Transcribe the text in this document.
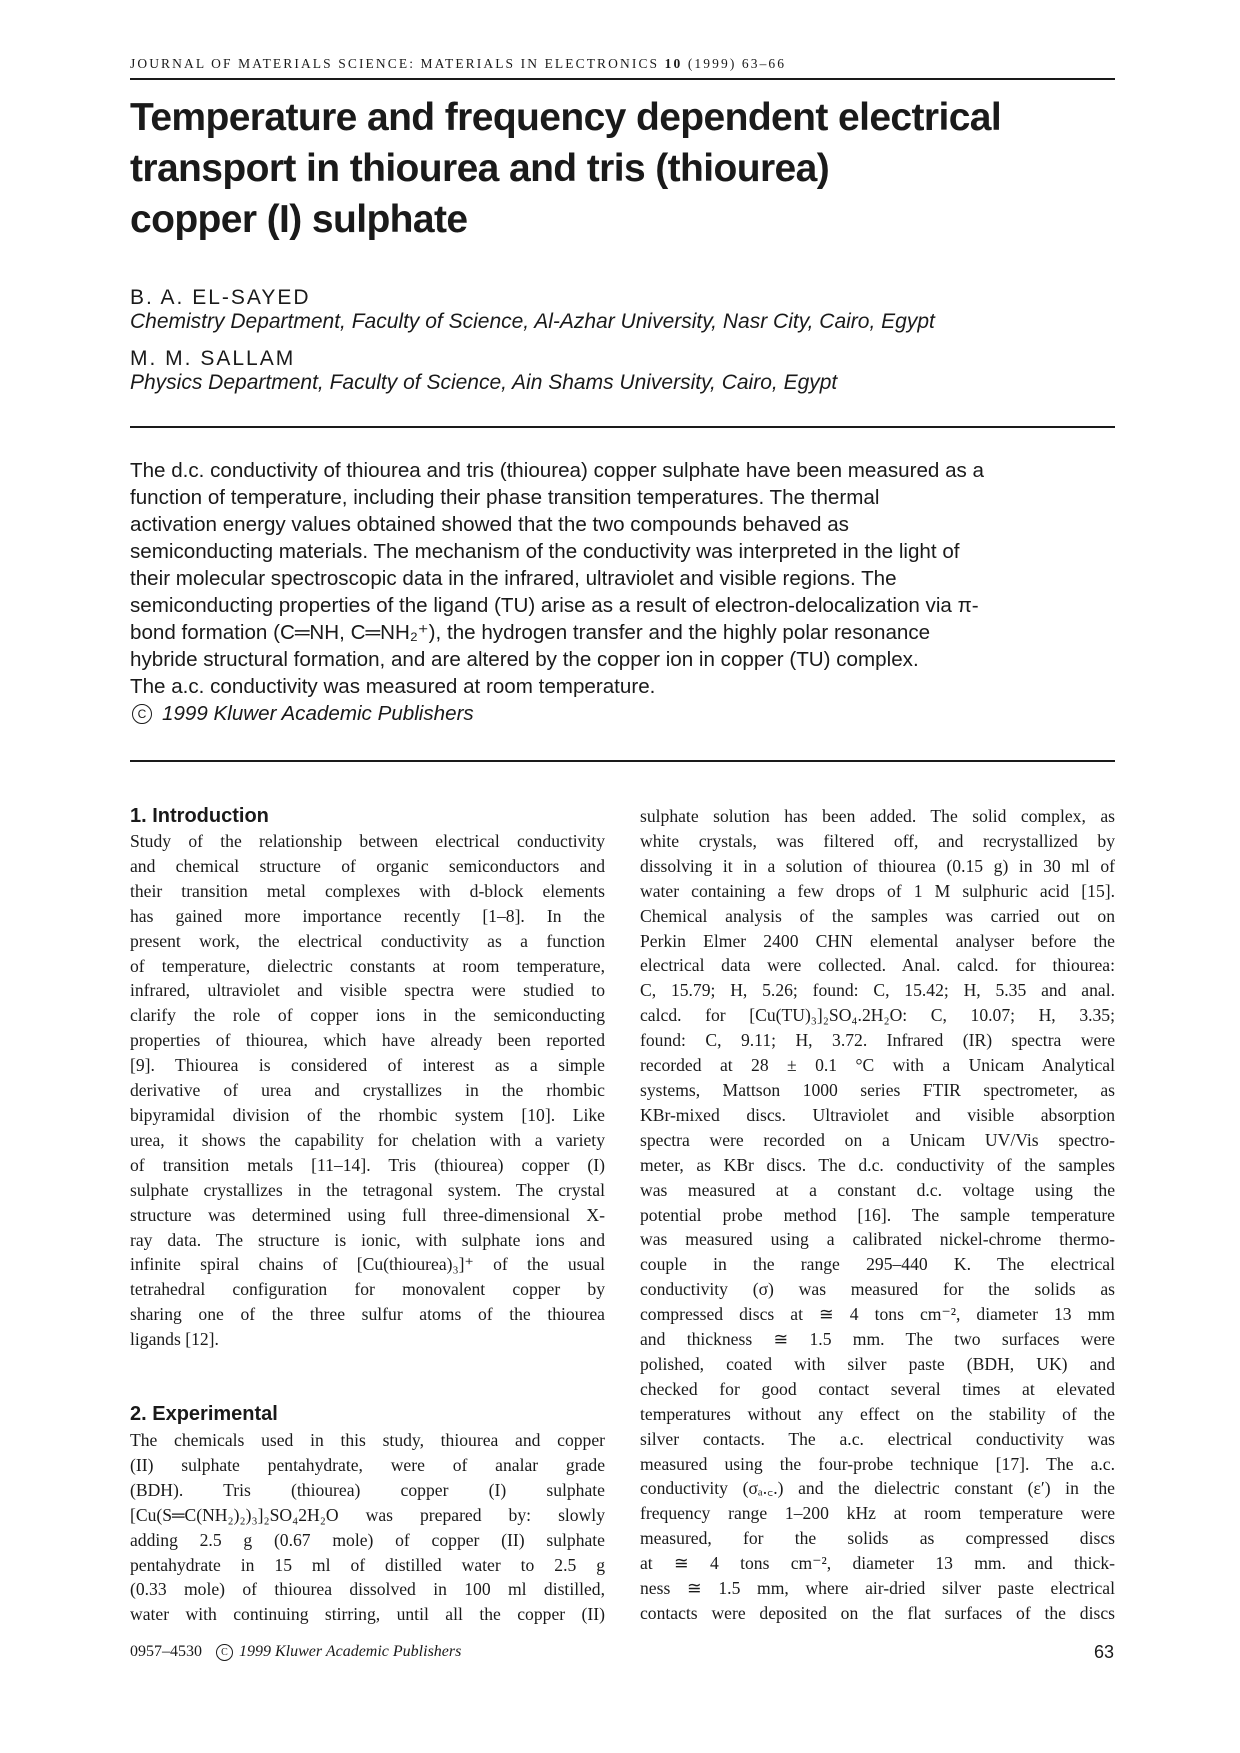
JOURNAL OF MATERIALS SCIENCE: MATERIALS IN ELECTRONICS 10 (1999) 63–66
Temperature and frequency dependent electrical
transport in thiourea and tris (thiourea)
copper (I) sulphate
B. A. EL-SAYED
Chemistry Department, Faculty of Science, Al-Azhar University, Nasr City, Cairo, Egypt
M. M. SALLAM
Physics Department, Faculty of Science, Ain Shams University, Cairo, Egypt
The d.c. conductivity of thiourea and tris (thiourea) copper sulphate have been measured as a
function of temperature, including their phase transition temperatures. The thermal
activation energy values obtained showed that the two compounds behaved as
semiconducting materials. The mechanism of the conductivity was interpreted in the light of
their molecular spectroscopic data in the infrared, ultraviolet and visible regions. The
semiconducting properties of the ligand (TU) arise as a result of electron-delocalization via π-
bond formation (C═NH, C═NH₂⁺), the hydrogen transfer and the highly polar resonance
hybride structural formation, and are altered by the copper ion in copper (TU) complex.
The a.c. conductivity was measured at room temperature.
C 1999 Kluwer Academic Publishers
1. Introduction
Study of the relationship between electrical conductivity
and chemical structure of organic semiconductors and
their transition metal complexes with d-block elements
has gained more importance recently [1–8]. In the
present work, the electrical conductivity as a function
of temperature, dielectric constants at room temperature,
infrared, ultraviolet and visible spectra were studied to
clarify the role of copper ions in the semiconducting
properties of thiourea, which have already been reported
[9]. Thiourea is considered of interest as a simple
derivative of urea and crystallizes in the rhombic
bipyramidal division of the rhombic system [10]. Like
urea, it shows the capability for chelation with a variety
of transition metals [11–14]. Tris (thiourea) copper (I)
sulphate crystallizes in the tetragonal system. The crystal
structure was determined using full three-dimensional X-
ray data. The structure is ionic, with sulphate ions and
infinite spiral chains of [Cu(thiourea)₃]⁺ of the usual
tetrahedral configuration for monovalent copper by
sharing one of the three sulfur atoms of the thiourea
ligands [12].
2. Experimental
The chemicals used in this study, thiourea and copper
(II) sulphate pentahydrate, were of analar grade
(BDH). Tris (thiourea) copper (I) sulphate
[Cu(S═C(NH₂)₂)₃]₂SO₄2H₂O was prepared by: slowly
adding 2.5 g (0.67 mole) of copper (II) sulphate
pentahydrate in 15 ml of distilled water to 2.5 g
(0.33 mole) of thiourea dissolved in 100 ml distilled,
water with continuing stirring, until all the copper (II)
sulphate solution has been added. The solid complex, as
white crystals, was filtered off, and recrystallized by
dissolving it in a solution of thiourea (0.15 g) in 30 ml of
water containing a few drops of 1 M sulphuric acid [15].
Chemical analysis of the samples was carried out on
Perkin Elmer 2400 CHN elemental analyser before the
electrical data were collected. Anal. calcd. for thiourea:
C, 15.79; H, 5.26; found: C, 15.42; H, 5.35 and anal.
calcd. for [Cu(TU)₃]₂SO₄.2H₂O: C, 10.07; H, 3.35;
found: C, 9.11; H, 3.72. Infrared (IR) spectra were
recorded at 28 ± 0.1 °C with a Unicam Analytical
systems, Mattson 1000 series FTIR spectrometer, as
KBr-mixed discs. Ultraviolet and visible absorption
spectra were recorded on a Unicam UV/Vis spectro-
meter, as KBr discs. The d.c. conductivity of the samples
was measured at a constant d.c. voltage using the
potential probe method [16]. The sample temperature
was measured using a calibrated nickel-chrome thermo-
couple in the range 295–440 K. The electrical
conductivity (σ) was measured for the solids as
compressed discs at ≅ 4 tons cm⁻², diameter 13 mm
and thickness ≅ 1.5 mm. The two surfaces were
polished, coated with silver paste (BDH, UK) and
checked for good contact several times at elevated
temperatures without any effect on the stability of the
silver contacts. The a.c. electrical conductivity was
measured using the four-probe technique [17]. The a.c.
conductivity (σₐ.꜀.) and the dielectric constant (ε′) in the
frequency range 1–200 kHz at room temperature were
measured, for the solids as compressed discs
at ≅ 4 tons cm⁻², diameter 13 mm. and thick-
ness ≅ 1.5 mm, where air-dried silver paste electrical
contacts were deposited on the flat surfaces of the discs
0957–4530 C 1999 Kluwer Academic Publishers	63
